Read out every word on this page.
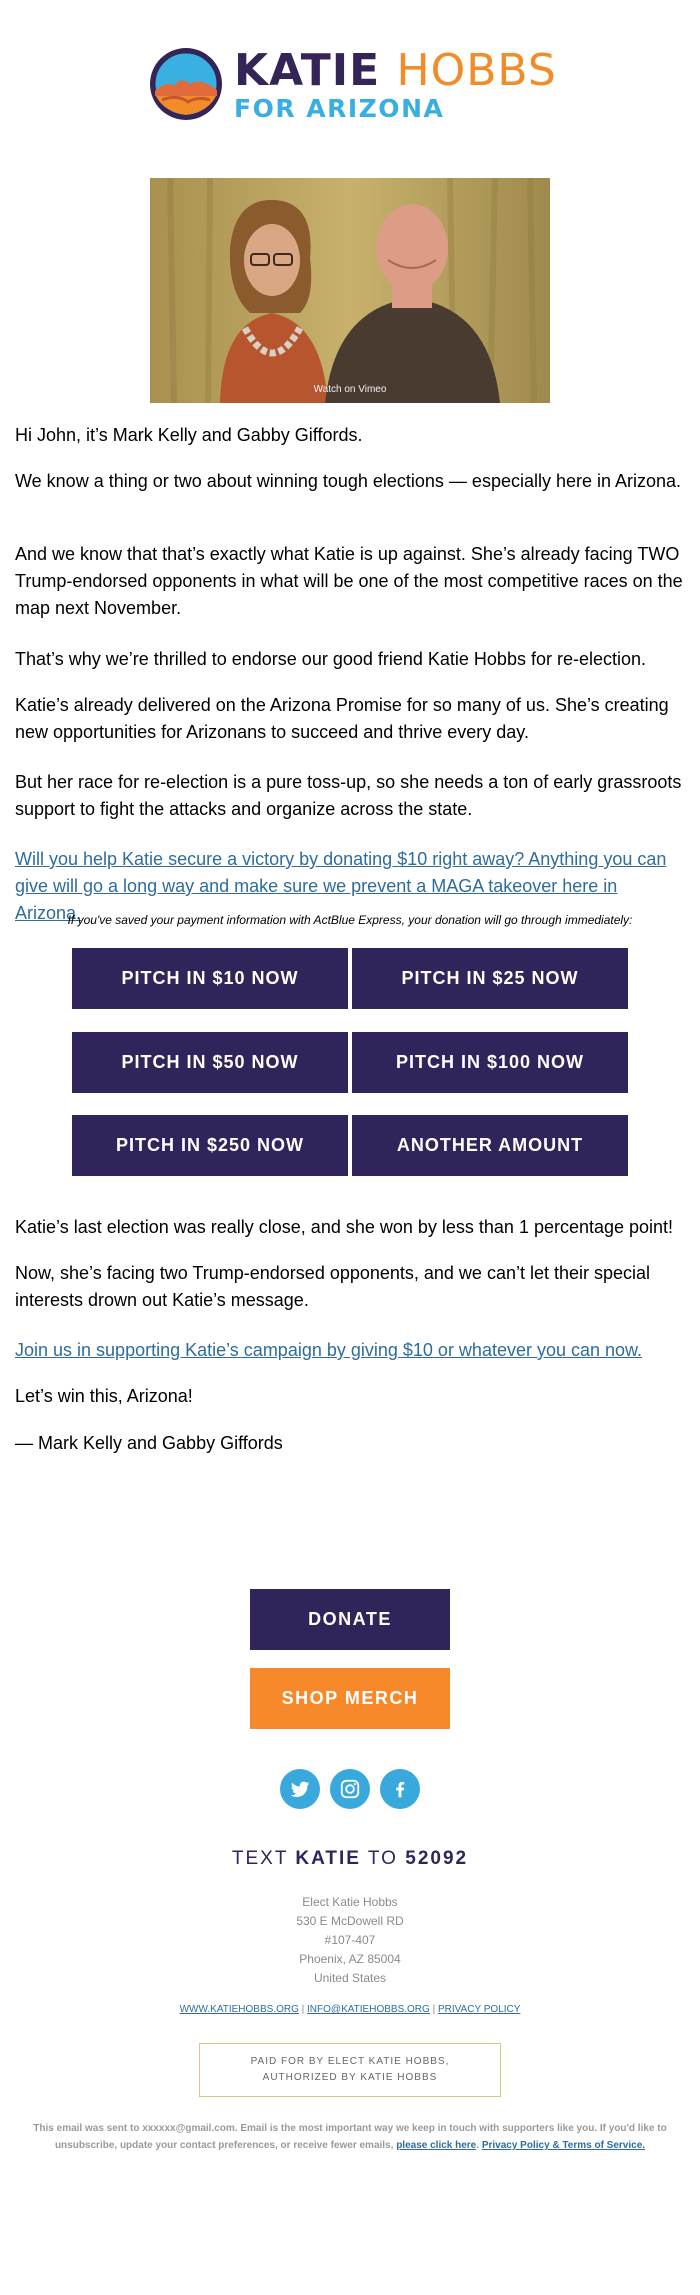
KATIE HOBBS
FOR ARIZONA
Watch on Vimeo

Hi John, it’s Mark Kelly and Gabby Giffords.

We know a thing or two about winning tough elections — especially here in Arizona.

And we know that that’s exactly what Katie is up against. She’s already facing TWO Trump-endorsed opponents in what will be one of the most competitive races on the map next November.

That’s why we’re thrilled to endorse our good friend Katie Hobbs for re-election.

Katie’s already delivered on the Arizona Promise for so many of us. She’s creating new opportunities for Arizonans to succeed and thrive every day.

But her race for re-election is a pure toss-up, so she needs a ton of early grassroots support to fight the attacks and organize across the state.

Will you help Katie secure a victory by donating $10 right away? Anything you can give will go a long way and make sure we prevent a MAGA takeover here in Arizona.

If you've saved your payment information with ActBlue Express, your donation will go through immediately:
PITCH IN $10 NOW	PITCH IN $25 NOW
PITCH IN $50 NOW	PITCH IN $100 NOW
PITCH IN $250 NOW	ANOTHER AMOUNT

Katie’s last election was really close, and she won by less than 1 percentage point!

Now, she’s facing two Trump-endorsed opponents, and we can’t let their special interests drown out Katie’s message.

Join us in supporting Katie’s campaign by giving $10 or whatever you can now.

Let’s win this, Arizona!

— Mark Kelly and Gabby Giffords

DONATE
SHOP MERCH
TEXT KATIE TO 52092
Elect Katie Hobbs
530 E McDowell RD
#107-407
Phoenix, AZ 85004
United States
WWW.KATIEHOBBS.ORG | INFO@KATIEHOBBS.ORG | PRIVACY POLICY
PAID FOR BY ELECT KATIE HOBBS,
AUTHORIZED BY KATIE HOBBS
This email was sent to xxxxxx@gmail.com. Email is the most important way we keep in touch with supporters like you. If you'd like to unsubscribe, update your contact preferences, or receive fewer emails, please click here. Privacy Policy & Terms of Service.
